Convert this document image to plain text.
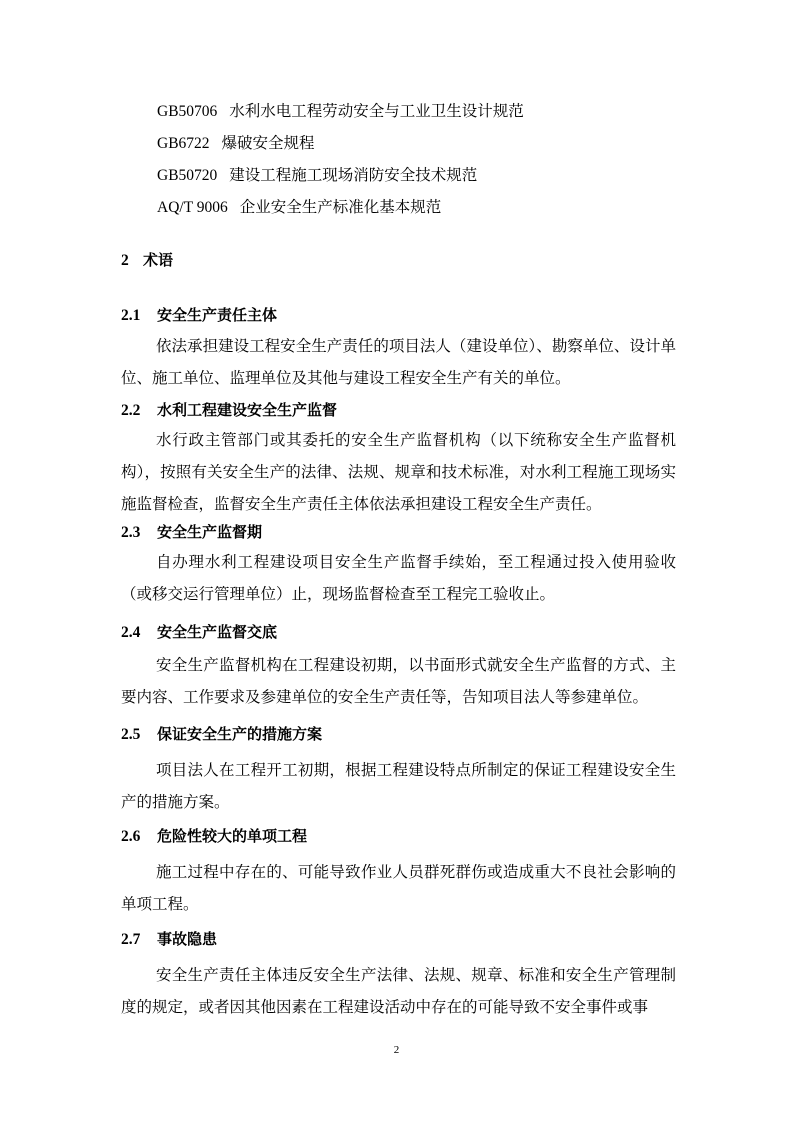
GB50706 水利水电工程劳动安全与工业卫生设计规范
GB6722 爆破安全规程
GB50720 建设工程施工现场消防安全技术规范
AQ/T 9006 企业安全生产标准化基本规范
2 术语
2.1 安全生产责任主体
依法承担建设工程安全生产责任的项目法人（建设单位）、勘察单位、设计单位、施工单位、监理单位及其他与建设工程安全生产有关的单位。
2.2 水利工程建设安全生产监督
水行政主管部门或其委托的安全生产监督机构（以下统称安全生产监督机构），按照有关安全生产的法律、法规、规章和技术标准，对水利工程施工现场实施监督检查，监督安全生产责任主体依法承担建设工程安全生产责任。
2.3 安全生产监督期
自办理水利工程建设项目安全生产监督手续始，至工程通过投入使用验收（或移交运行管理单位）止，现场监督检查至工程完工验收止。
2.4 安全生产监督交底
安全生产监督机构在工程建设初期，以书面形式就安全生产监督的方式、主要内容、工作要求及参建单位的安全生产责任等，告知项目法人等参建单位。
2.5 保证安全生产的措施方案
项目法人在工程开工初期，根据工程建设特点所制定的保证工程建设安全生产的措施方案。
2.6 危险性较大的单项工程
施工过程中存在的、可能导致作业人员群死群伤或造成重大不良社会影响的单项工程。
2.7 事故隐患
安全生产责任主体违反安全生产法律、法规、规章、标准和安全生产管理制度的规定，或者因其他因素在工程建设活动中存在的可能导致不安全事件或事
2
